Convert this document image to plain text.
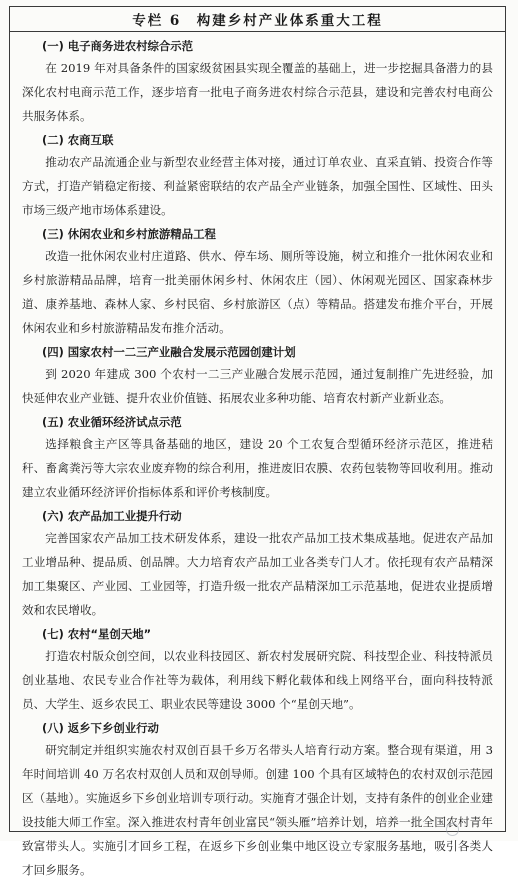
专栏 6　构建乡村产业体系重大工程
(一) 电子商务进农村综合示范

在 2019 年对具备条件的国家级贫困县实现全覆盖的基础上，进一步挖掘具备潜力的县深化农村电商示范工作，逐步培育一批电子商务进农村综合示范县，建设和完善农村电商公共服务体系。

(二) 农商互联

推动农产品流通企业与新型农业经营主体对接，通过订单农业、直采直销、投资合作等方式，打造产销稳定衔接、利益紧密联结的农产品全产业链条，加强全国性、区域性、田头市场三级产地市场体系建设。

(三) 休闲农业和乡村旅游精品工程

改造一批休闲农业村庄道路、供水、停车场、厕所等设施，树立和推介一批休闲农业和乡村旅游精品品牌，培育一批美丽休闲乡村、休闲农庄（园）、休闲观光园区、国家森林步道、康养基地、森林人家、乡村民宿、乡村旅游区（点）等精品。搭建发布推介平台，开展休闲农业和乡村旅游精品发布推介活动。

(四) 国家农村一二三产业融合发展示范园创建计划

到 2020 年建成 300 个农村一二三产业融合发展示范园，通过复制推广先进经验，加快延伸农业产业链、提升农业价值链、拓展农业多种功能、培育农村新产业新业态。

(五) 农业循环经济试点示范

选择粮食主产区等具备基础的地区，建设 20 个工农复合型循环经济示范区，推进秸秆、畜禽粪污等大宗农业废弃物的综合利用，推进废旧农膜、农药包装物等回收利用。推动建立农业循环经济评价指标体系和评价考核制度。

(六) 农产品加工业提升行动

完善国家农产品加工技术研发体系，建设一批农产品加工技术集成基地。促进农产品加工业增品种、提品质、创品牌。大力培育农产品加工业各类专门人才。依托现有农产品精深加工集聚区、产业园、工业园等，打造升级一批农产品精深加工示范基地，促进农业提质增效和农民增收。

(七) 农村“星创天地”

打造农村版众创空间，以农业科技园区、新农村发展研究院、科技型企业、科技特派员创业基地、农民专业合作社等为载体，利用线下孵化载体和线上网络平台，面向科技特派员、大学生、返乡农民工、职业农民等建设 3000 个“星创天地”。

(八) 返乡下乡创业行动

研究制定并组织实施农村双创百县千乡万名带头人培育行动方案。整合现有渠道，用 3 年时间培训 40 万名农村双创人员和双创导师。创建 100 个具有区域特色的农村双创示范园区（基地）。实施返乡下乡创业培训专项行动。实施育才强企计划，支持有条件的创业企业建设技能大师工作室。深入推进农村青年创业富民“领头雁”培养计划，培养一批全国农村青年致富带头人。实施引才回乡工程，在返乡下乡创业集中地区设立专家服务基地，吸引各类人才回乡服务。
